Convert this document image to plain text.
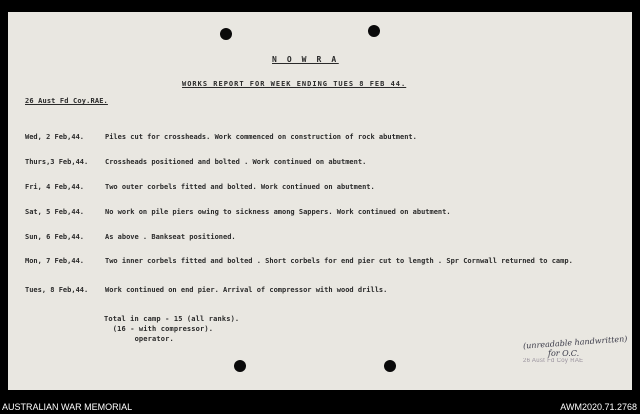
N O W R A
WORKS REPORT FOR WEEK ENDING TUES 8 FEB 44.
26 Aust Fd Coy.RAE.
Wed, 2 Feb,44.	Piles cut for crossheads. Work commenced on construction of rock abutment.
Thurs,3 Feb,44. Crossheads positioned and bolted . Work continued on abutment.
Fri, 4 Feb,44.	Two outer corbels fitted and bolted. Work continued on abutment.
Sat, 5 Feb,44.	No work on pile piers owing to sickness among Sappers. Work continued on abutment.
Sun, 6 Feb,44.	As above . Bankseat positioned.
Mon, 7 Feb,44.	Two inner corbels fitted and bolted . Short corbels for end pier cut to length . Spr Cornwall returned to camp.
Tues, 8 Feb,44. Work continued on end pier. Arrival of compressor with wood drills.
Total in camp - 15 (all ranks).
(16 - with compressor).
operator.	(unreadable handwritten)
for O.C.
26 Aust Fd Coy RAE
AUSTRALIAN WAR MEMORIAL	AWM2020.71.2768
